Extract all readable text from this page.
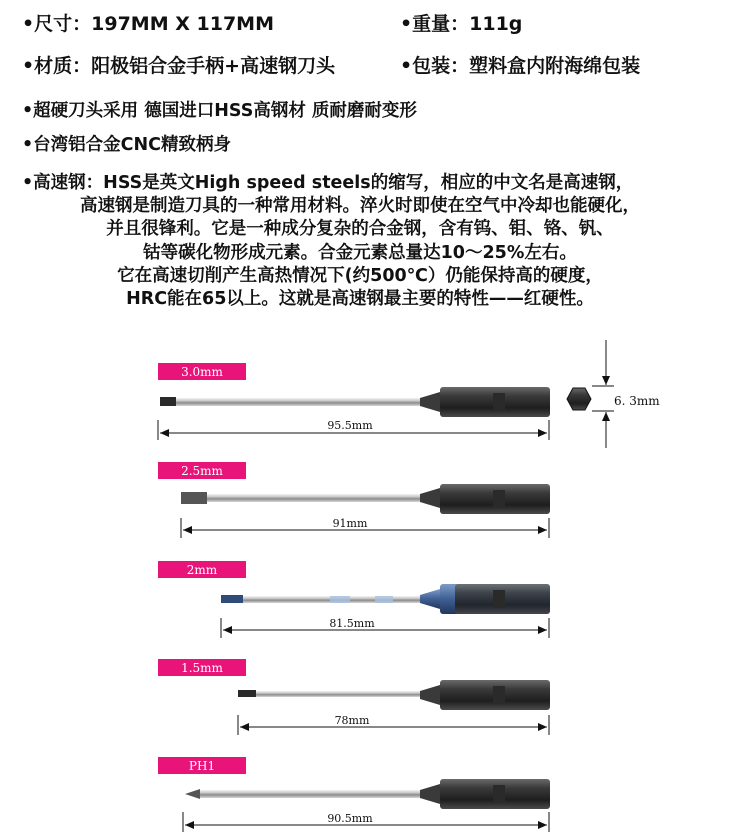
•尺寸：197MM X 117MM	•重量：111g
•材质：阳极铝合金手柄+高速钢刀头	•包装：塑料盒内附海绵包装
•超硬刀头采用 德国进口HSS高钢材 质耐磨耐变形
•台湾铝合金CNC精致柄身
•高速钢：HSS是英文High speed steels的缩写，相应的中文名是高速钢，
高速钢是制造刀具的一种常用材料。淬火时即使在空气中冷却也能硬化，
并且很锋利。它是一种成分复杂的合金钢，含有钨、钼、铬、钒、
钴等碳化物形成元素。合金元素总量达10～25%左右。
它在高速切削产生高热情况下(约500℃）仍能保持高的硬度，
HRC能在65以上。这就是高速钢最主要的特性——红硬性。
3.0mm
95.5mm
6. 3mm
2.5mm
91mm
2mm
81.5mm
1.5mm
78mm
PH1
90.5mm
